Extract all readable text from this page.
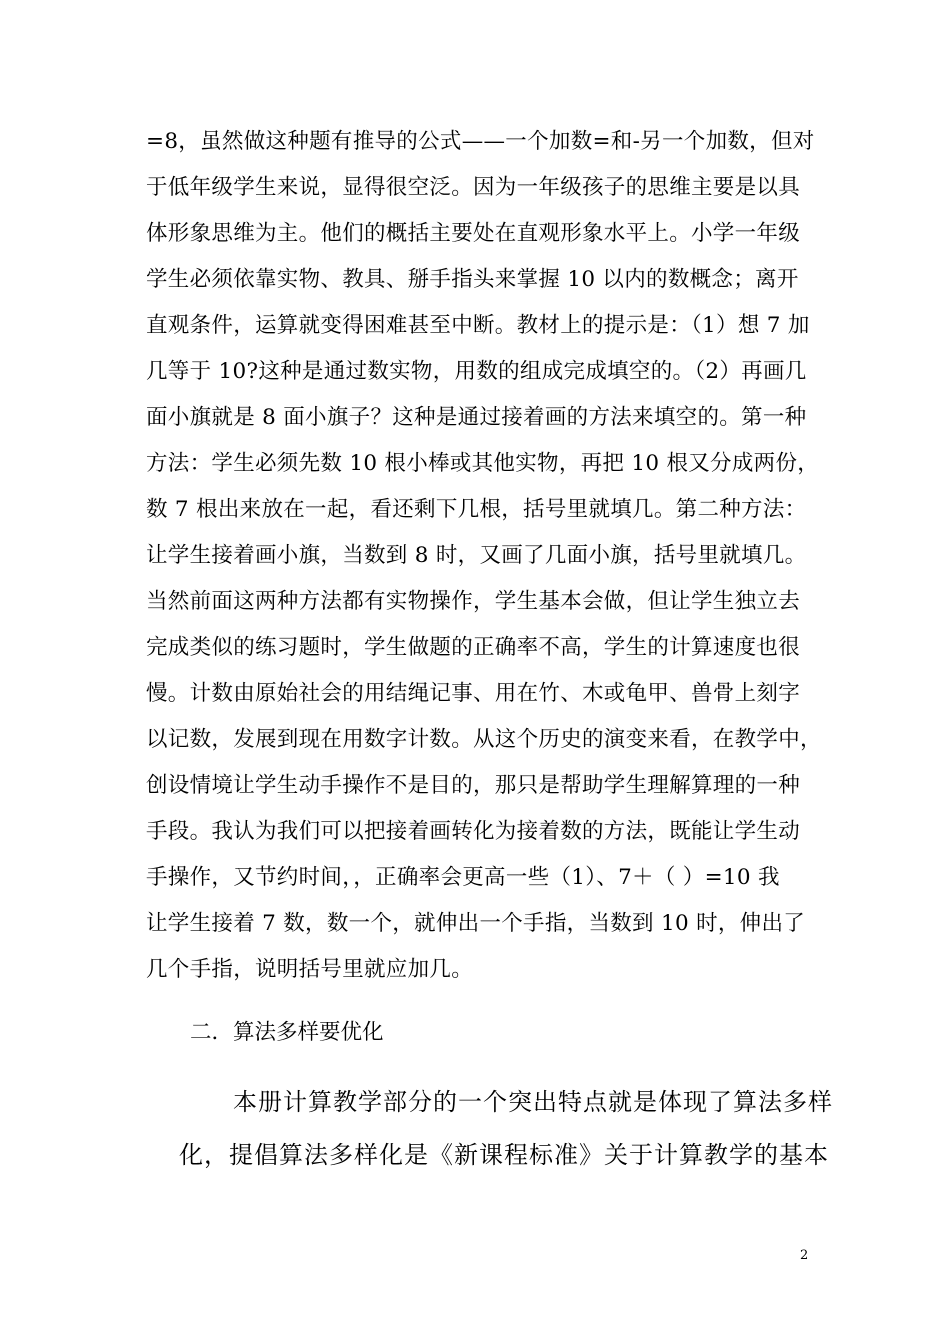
=8，虽然做这种题有推导的公式——一个加数=和-另一个加数，但对
于低年级学生来说，显得很空泛。因为一年级孩子的思维主要是以具
体形象思维为主。他们的概括主要处在直观形象水平上。小学一年级
学生必须依靠实物、教具、掰手指头来掌握 10 以内的数概念；离开
直观条件，运算就变得困难甚至中断。教材上的提示是：（1）想 7 加
几等于 10?这种是通过数实物，用数的组成完成填空的。（2）再画几
面小旗就是 8 面小旗子？这种是通过接着画的方法来填空的。第一种
方法：学生必须先数 10 根小棒或其他实物，再把 10 根又分成两份，
数 7 根出来放在一起，看还剩下几根，括号里就填几。第二种方法：
让学生接着画小旗，当数到 8 时，又画了几面小旗，括号里就填几。
当然前面这两种方法都有实物操作，学生基本会做，但让学生独立去
完成类似的练习题时，学生做题的正确率不高，学生的计算速度也很
慢。计数由原始社会的用结绳记事、用在竹、木或龟甲、兽骨上刻字
以记数，发展到现在用数字计数。从这个历史的演变来看，在教学中，
创设情境让学生动手操作不是目的，那只是帮助学生理解算理的一种
手段。我认为我们可以把接着画转化为接着数的方法，既能让学生动
手操作，又节约时间，，正确率会更高一些（1）、7＋（ ）=10 我
让学生接着 7 数，数一个，就伸出一个手指，当数到 10 时，伸出了
几个手指，说明括号里就应加几。
二．算法多样要优化
本册计算教学部分的一个突出特点就是体现了算法多样
化，提倡算法多样化是《新课程标准》关于计算教学的基本
2
